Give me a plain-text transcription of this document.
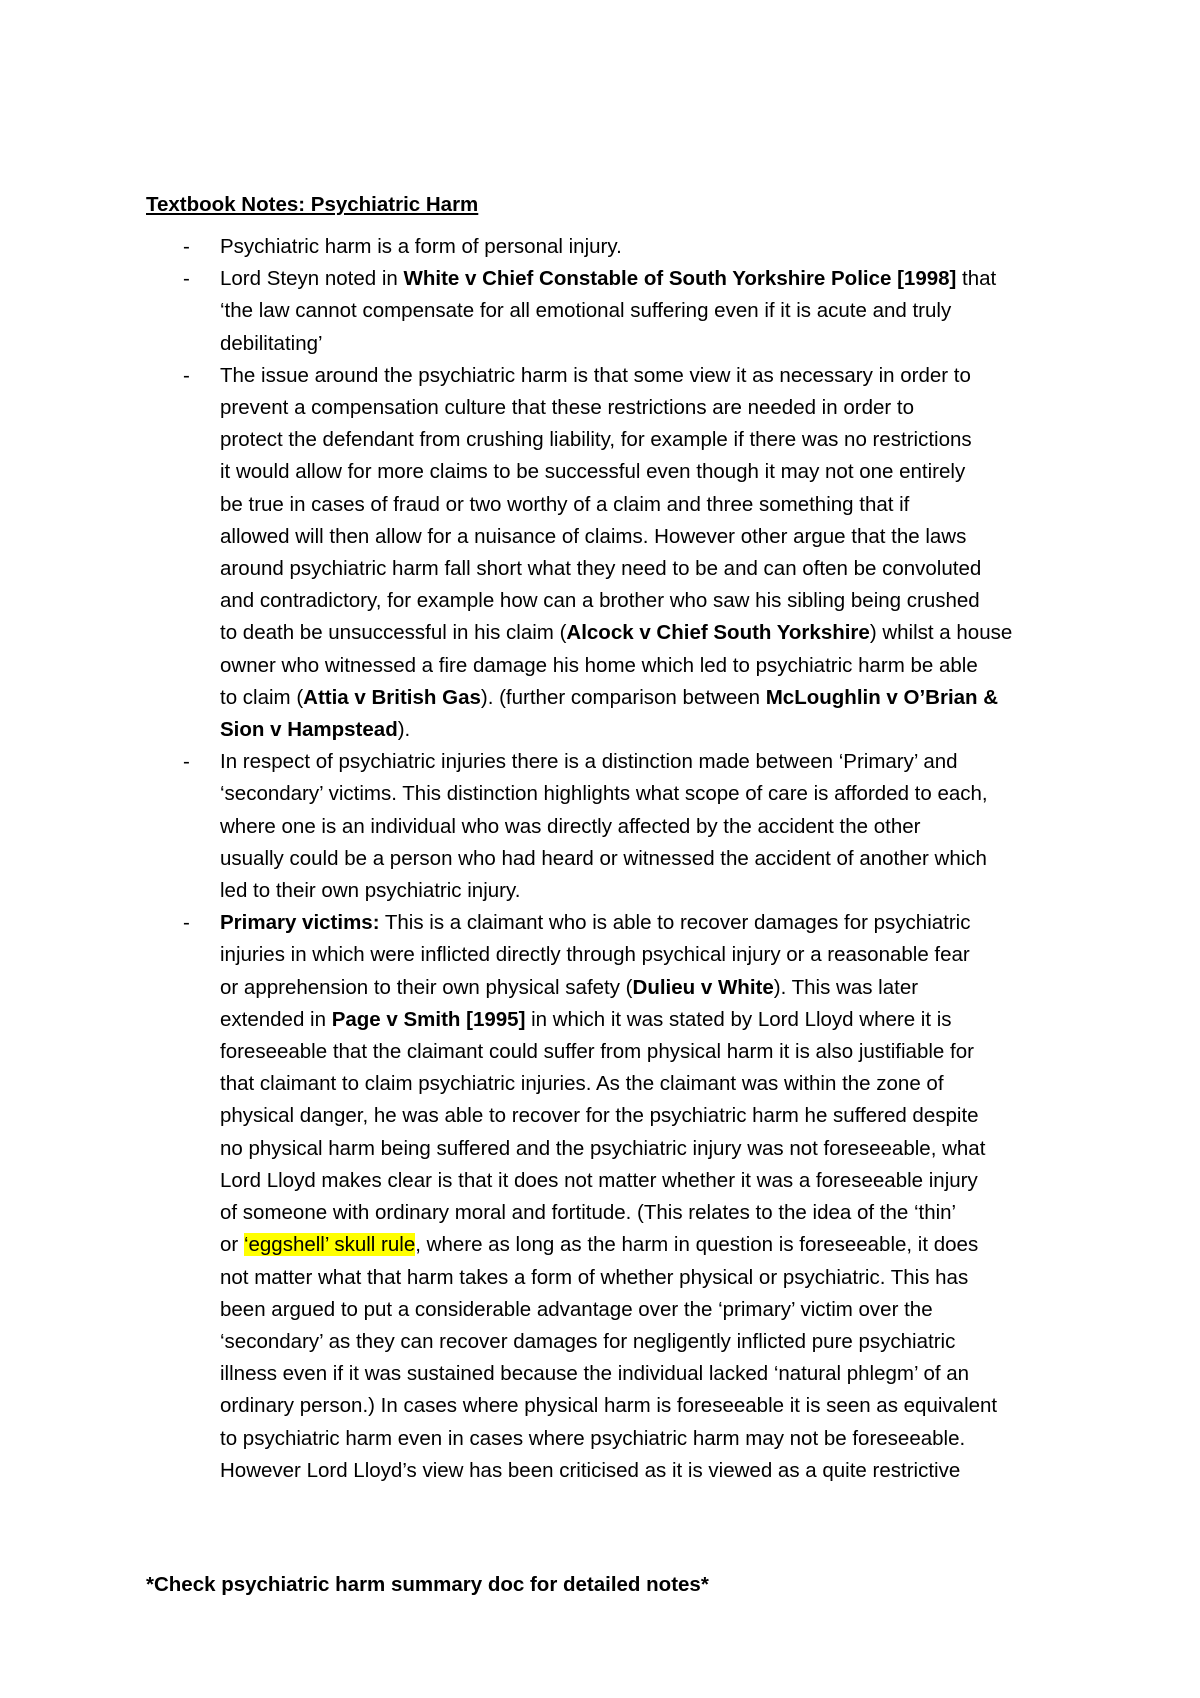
Textbook Notes: Psychiatric Harm
- Psychiatric harm is a form of personal injury.
- Lord Steyn noted in White v Chief Constable of South Yorkshire Police [1998] that
‘the law cannot compensate for all emotional suffering even if it is acute and truly
debilitating’
- The issue around the psychiatric harm is that some view it as necessary in order to
prevent a compensation culture that these restrictions are needed in order to
protect the defendant from crushing liability, for example if there was no restrictions
it would allow for more claims to be successful even though it may not one entirely
be true in cases of fraud or two worthy of a claim and three something that if
allowed will then allow for a nuisance of claims. However other argue that the laws
around psychiatric harm fall short what they need to be and can often be convoluted
and contradictory, for example how can a brother who saw his sibling being crushed
to death be unsuccessful in his claim (Alcock v Chief South Yorkshire) whilst a house
owner who witnessed a fire damage his home which led to psychiatric harm be able
to claim (Attia v British Gas). (further comparison between McLoughlin v O’Brian &
Sion v Hampstead).
- In respect of psychiatric injuries there is a distinction made between ‘Primary’ and
‘secondary’ victims. This distinction highlights what scope of care is afforded to each,
where one is an individual who was directly affected by the accident the other
usually could be a person who had heard or witnessed the accident of another which
led to their own psychiatric injury.
- Primary victims: This is a claimant who is able to recover damages for psychiatric
injuries in which were inflicted directly through psychical injury or a reasonable fear
or apprehension to their own physical safety (Dulieu v White). This was later
extended in Page v Smith [1995] in which it was stated by Lord Lloyd where it is
foreseeable that the claimant could suffer from physical harm it is also justifiable for
that claimant to claim psychiatric injuries. As the claimant was within the zone of
physical danger, he was able to recover for the psychiatric harm he suffered despite
no physical harm being suffered and the psychiatric injury was not foreseeable, what
Lord Lloyd makes clear is that it does not matter whether it was a foreseeable injury
of someone with ordinary moral and fortitude. (This relates to the idea of the ‘thin’
or ‘eggshell’ skull rule, where as long as the harm in question is foreseeable, it does
not matter what that harm takes a form of whether physical or psychiatric. This has
been argued to put a considerable advantage over the ‘primary’ victim over the
‘secondary’ as they can recover damages for negligently inflicted pure psychiatric
illness even if it was sustained because the individual lacked ‘natural phlegm’ of an
ordinary person.) In cases where physical harm is foreseeable it is seen as equivalent
to psychiatric harm even in cases where psychiatric harm may not be foreseeable.
However Lord Lloyd’s view has been criticised as it is viewed as a quite restrictive
*Check psychiatric harm summary doc for detailed notes*
